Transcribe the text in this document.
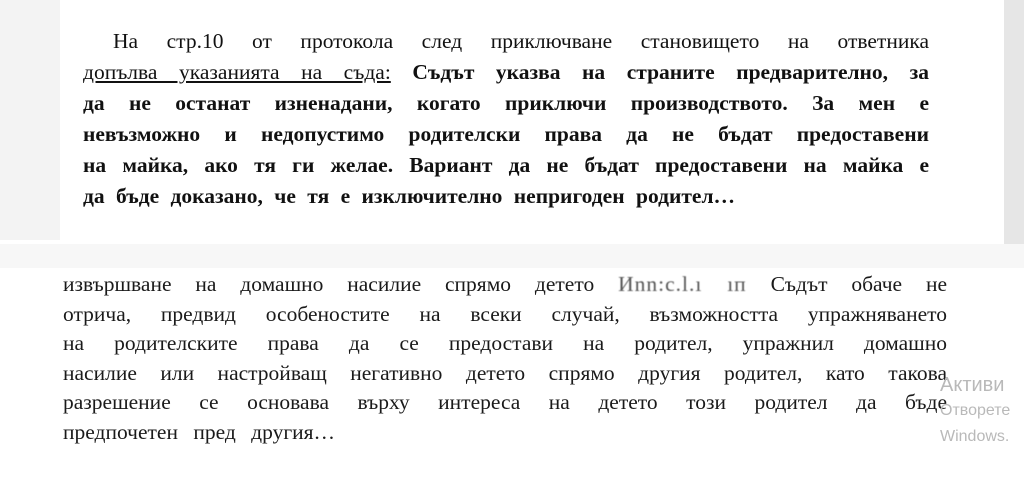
На стр.10 от протокола след приключване становището на ответника
допълва указанията на съда: Съдът указва на страните предварително, за
да не останат изненадани, когато приключи производството. За мен е
невъзможно и недопустимо родителски права да не бъдат предоставени
на майка, ако тя ги желае. Вариант да не бъдат предоставени на майка е
да бъде доказано, че тя е изключително непригоден родител…
извършване на домашно насилие спрямо детето Иnn:c.l.ı ıп Съдът обаче не
отрича, предвид особеностите на всеки случай, възможността упражняването
на родителските права да се предостави на родител, упражнил домашно
насилие или настройващ негативно детето спрямо другия родител, като такова
разрешение се основава върху интереса на детето този родител да бъде
предпочетен пред другия…
Активи
Отворете
Windows.
